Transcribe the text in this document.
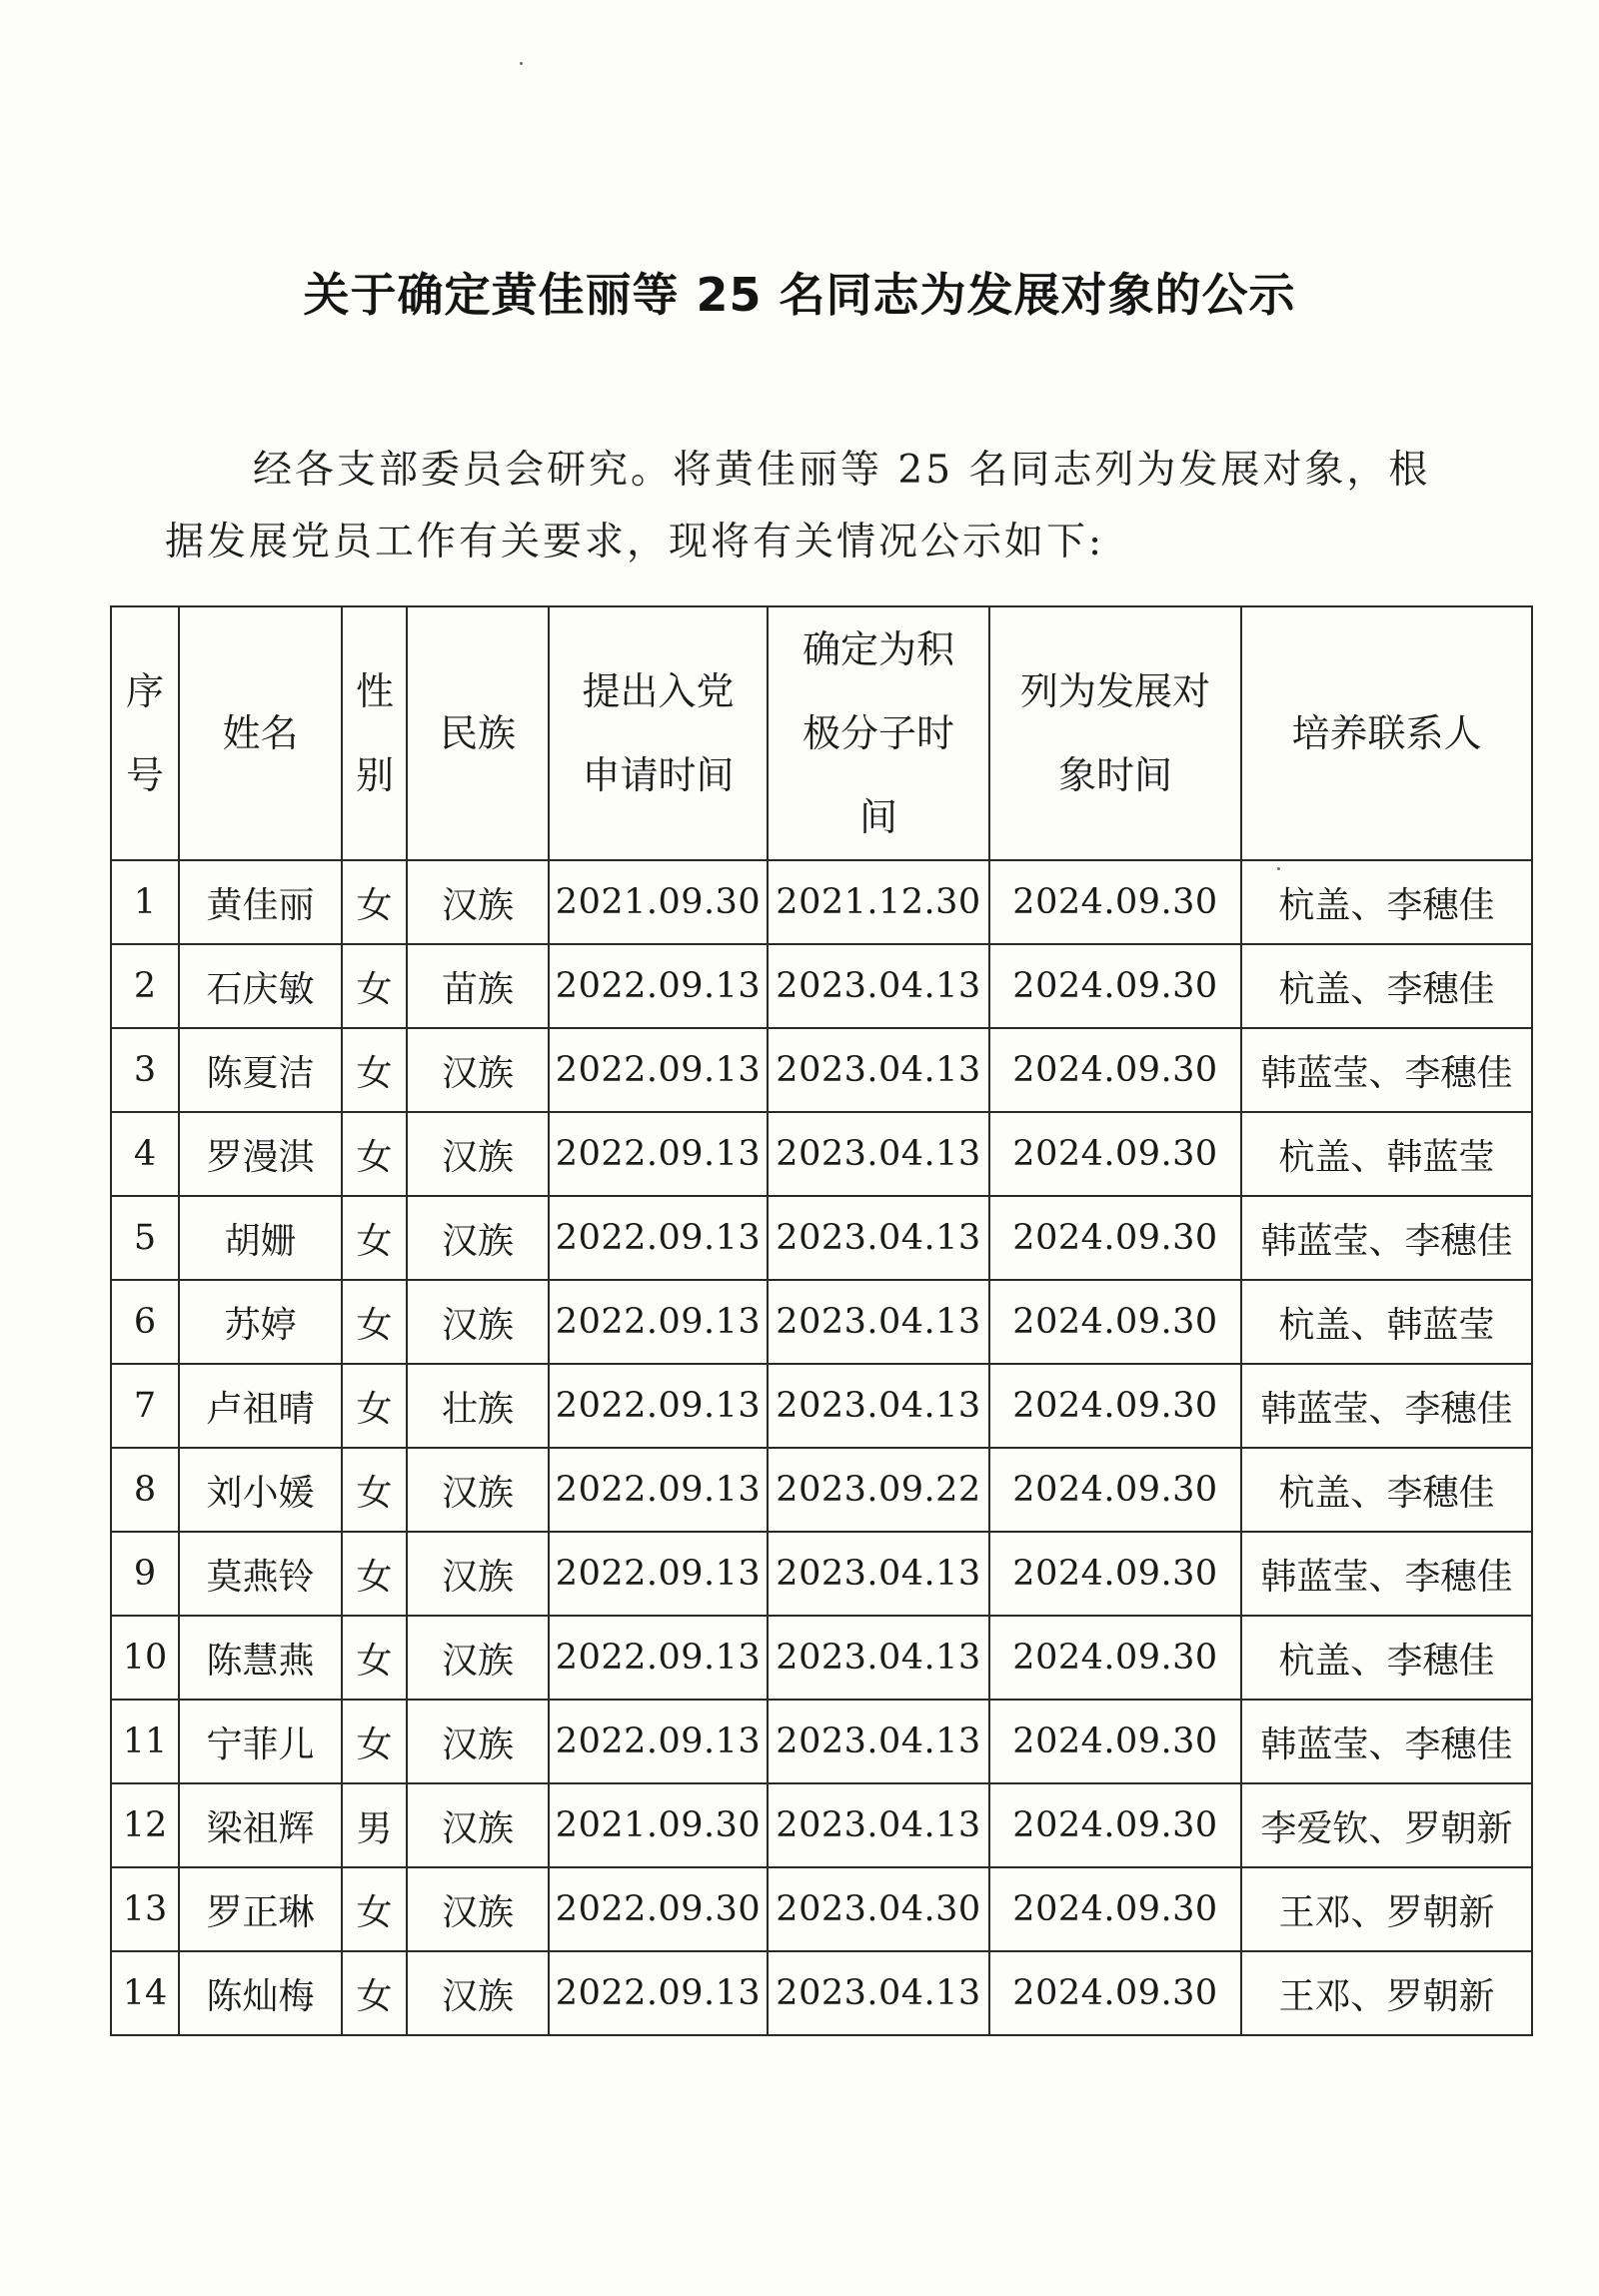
关于确定黄佳丽等 25 名同志为发展对象的公示

经各支部委员会研究。将黄佳丽等 25 名同志列为发展对象，根据发展党员工作有关要求，现将有关情况公示如下:

序号	姓名	性别	民族	提出入党申请时间	确定为积极分子时间	列为发展对象时间	培养联系人
1	黄佳丽	女	汉族	2021.09.30	2021.12.30	2024.09.30	杭盖、李穗佳
2	石庆敏	女	苗族	2022.09.13	2023.04.13	2024.09.30	杭盖、李穗佳
3	陈夏洁	女	汉族	2022.09.13	2023.04.13	2024.09.30	韩蓝莹、李穗佳
4	罗漫淇	女	汉族	2022.09.13	2023.04.13	2024.09.30	杭盖、韩蓝莹
5	胡姗	女	汉族	2022.09.13	2023.04.13	2024.09.30	韩蓝莹、李穗佳
6	苏婷	女	汉族	2022.09.13	2023.04.13	2024.09.30	杭盖、韩蓝莹
7	卢祖晴	女	壮族	2022.09.13	2023.04.13	2024.09.30	韩蓝莹、李穗佳
8	刘小媛	女	汉族	2022.09.13	2023.09.22	2024.09.30	杭盖、李穗佳
9	莫燕铃	女	汉族	2022.09.13	2023.04.13	2024.09.30	韩蓝莹、李穗佳
10	陈慧燕	女	汉族	2022.09.13	2023.04.13	2024.09.30	杭盖、李穗佳
11	宁菲儿	女	汉族	2022.09.13	2023.04.13	2024.09.30	韩蓝莹、李穗佳
12	梁祖辉	男	汉族	2021.09.30	2023.04.13	2024.09.30	李爱钦、罗朝新
13	罗正琳	女	汉族	2022.09.30	2023.04.30	2024.09.30	王邓、罗朝新
14	陈灿梅	女	汉族	2022.09.13	2023.04.13	2024.09.30	王邓、罗朝新
